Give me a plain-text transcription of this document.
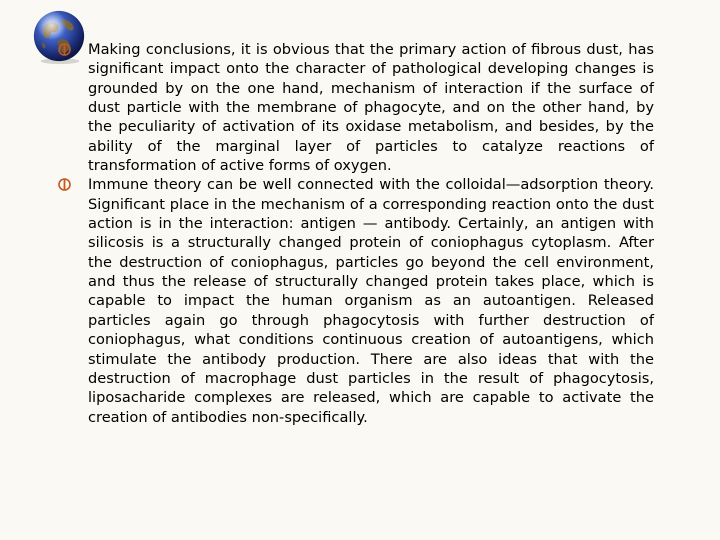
Making conclusions, it is obvious that the primary action of fibrous dust, has significant impact onto the character of pathological developing changes is grounded by on the one hand, mechanism of interaction if the surface of dust particle with the membrane of phagocyte, and on the other hand, by the peculiarity of activation of its oxidase metabolism, and besides, by the ability of the marginal layer of particles to catalyze reactions of transformation of active forms of oxygen.

Immune theory can be well connected with the colloidal—adsorption theory. Significant place in the mechanism of a corresponding reaction onto the dust action is in the interaction: antigen — antibody. Certainly, an antigen with silicosis is a structurally changed protein of coniophagus cytoplasm. After the destruction of coniophagus, particles go beyond the cell environment, and thus the release of structurally changed protein takes place, which is capable to impact the human organism as an autoantigen. Released particles again go through phagocytosis with further destruction of coniophagus, what conditions continuous creation of autoantigens, which stimulate the antibody production. There are also ideas that with the destruction of macrophage dust particles in the result of phagocytosis, liposacharide complexes are released, which are capable to activate the creation of antibodies non-specifically.
